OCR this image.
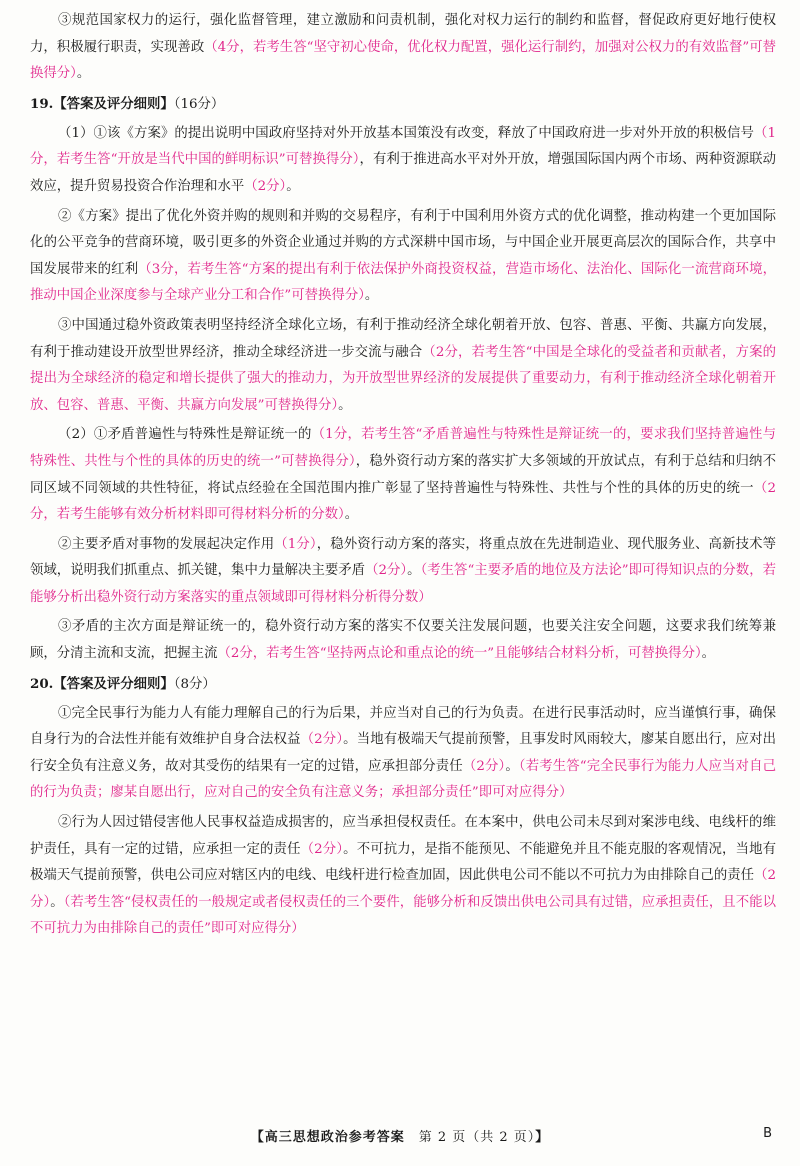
③规范国家权力的运行，强化监督管理，建立激励和问责机制，强化对权力运行的制约和监督，督促政府更好地行使权力，积极履行职责，实现善政（4分，若考生答“坚守初心使命，优化权力配置，强化运行制约，加强对公权力的有效监督”可替换得分）。

19.【答案及评分细则】（16分）

（1）①该《方案》的提出说明中国政府坚持对外开放基本国策没有改变，释放了中国政府进一步对外开放的积极信号（1分，若考生答“开放是当代中国的鲜明标识”可替换得分），有利于推进高水平对外开放，增强国际国内两个市场、两种资源联动效应，提升贸易投资合作治理和水平（2分）。

②《方案》提出了优化外资并购的规则和并购的交易程序，有利于中国利用外资方式的优化调整，推动构建一个更加国际化的公平竞争的营商环境，吸引更多的外资企业通过并购的方式深耕中国市场，与中国企业开展更高层次的国际合作，共享中国发展带来的红利（3分，若考生答“方案的提出有利于依法保护外商投资权益，营造市场化、法治化、国际化一流营商环境，推动中国企业深度参与全球产业分工和合作”可替换得分）。

③中国通过稳外资政策表明坚持经济全球化立场，有利于推动经济全球化朝着开放、包容、普惠、平衡、共赢方向发展，有利于推动建设开放型世界经济，推动全球经济进一步交流与融合（2分，若考生答“中国是全球化的受益者和贡献者，方案的提出为全球经济的稳定和增长提供了强大的推动力，为开放型世界经济的发展提供了重要动力，有利于推动经济全球化朝着开放、包容、普惠、平衡、共赢方向发展”可替换得分）。

（2）①矛盾普遍性与特殊性是辩证统一的（1分，若考生答“矛盾普遍性与特殊性是辩证统一的，要求我们坚持普遍性与特殊性、共性与个性的具体的历史的统一”可替换得分），稳外资行动方案的落实扩大多领域的开放试点，有利于总结和归纳不同区域不同领域的共性特征，将试点经验在全国范围内推广彰显了坚持普遍性与特殊性、共性与个性的具体的历史的统一（2分，若考生能够有效分析材料即可得材料分析的分数）。

②主要矛盾对事物的发展起决定作用（1分），稳外资行动方案的落实，将重点放在先进制造业、现代服务业、高新技术等领域，说明我们抓重点、抓关键，集中力量解决主要矛盾（2分）。（考生答“主要矛盾的地位及方法论”即可得知识点的分数，若能够分析出稳外资行动方案落实的重点领域即可得材料分析得分数）

③矛盾的主次方面是辩证统一的，稳外资行动方案的落实不仅要关注发展问题，也要关注安全问题，这要求我们统筹兼顾，分清主流和支流，把握主流（2分，若考生答“坚持两点论和重点论的统一”且能够结合材料分析，可替换得分）。

20.【答案及评分细则】（8分）

①完全民事行为能力人有能力理解自己的行为后果，并应当对自己的行为负责。在进行民事活动时，应当谨慎行事，确保自身行为的合法性并能有效维护自身合法权益（2分）。当地有极端天气提前预警，且事发时风雨较大，廖某自愿出行，应对出行安全负有注意义务，故对其受伤的结果有一定的过错，应承担部分责任（2分）。（若考生答“完全民事行为能力人应当对自己的行为负责；廖某自愿出行，应对自己的安全负有注意义务；承担部分责任”即可对应得分）

②行为人因过错侵害他人民事权益造成损害的，应当承担侵权责任。在本案中，供电公司未尽到对案涉电线、电线杆的维护责任，具有一定的过错，应承担一定的责任（2分）。不可抗力，是指不能预见、不能避免并且不能克服的客观情况，当地有极端天气提前预警，供电公司应对辖区内的电线、电线杆进行检查加固，因此供电公司不能以不可抗力为由排除自己的责任（2分）。（若考生答“侵权责任的一般规定或者侵权责任的三个要件，能够分析和反馈出供电公司具有过错，应承担责任，且不能以不可抗力为由排除自己的责任”即可对应得分）

【高三思想政治参考答案　第 2 页（共 2 页）】	B
